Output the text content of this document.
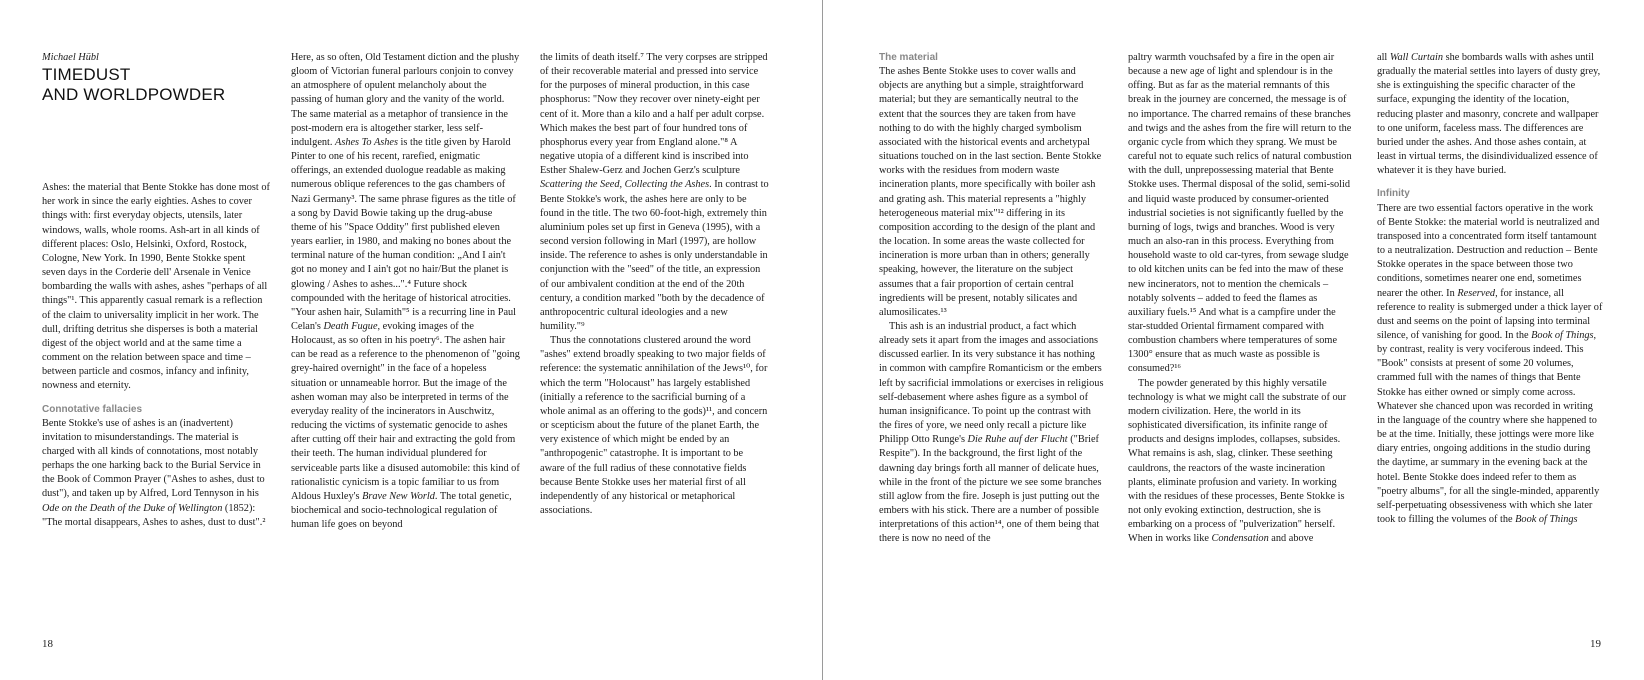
Michael Hübl

TIMEDUST

AND WORLDPOWDER

Ashes: the material that Bente Stokke has done most of her work in since the early eighties. Ashes to cover things with: first everyday objects, utensils, later windows, walls, whole rooms. Ash-art in all kinds of different places: Oslo, Helsinki, Oxford, Rostock, Cologne, New York. In 1990, Bente Stokke spent seven days in the Corderie dell' Arsenale in Venice bombarding the walls with ashes, ashes "perhaps of all things"¹. This apparently casual remark is a reflection of the claim to universality implicit in her work. The dull, drifting detritus she disperses is both a material digest of the object world and at the same time a comment on the relation between space and time – between particle and cosmos, infancy and infinity, nowness and eternity.

Connotative fallacies

Bente Stokke's use of ashes is an (inadvertent) invitation to misunderstandings. The material is charged with all kinds of connotations, most notably perhaps the one harking back to the Burial Service in the Book of Common Prayer ("Ashes to ashes, dust to dust"), and taken up by Alfred, Lord Tennyson in his Ode on the Death of the Duke of Wellington (1852): "The mortal disappears, Ashes to ashes, dust to dust".²

Here, as so often, Old Testament diction and the plushy gloom of Victorian funeral parlours conjoin to convey an atmosphere of opulent melancholy about the passing of human glory and the vanity of the world. The same material as a metaphor of transience in the post-modern era is altogether starker, less self-indulgent. Ashes To Ashes is the title given by Harold Pinter to one of his recent, rarefied, enigmatic offerings, an extended duologue readable as making numerous oblique references to the gas chambers of Nazi Germany³. The same phrase figures as the title of a song by David Bowie taking up the drug-abuse theme of his "Space Oddity" first published eleven years earlier, in 1980, and making no bones about the terminal nature of the human condition: „And I ain't got no money and I ain't got no hair/But the planet is glowing / Ashes to ashes...".⁴ Future shock compounded with the heritage of historical atrocities. "Your ashen hair, Sulamith"⁵ is a recurring line in Paul Celan's Death Fugue, evoking images of the Holocaust, as so often in his poetry⁶. The ashen hair can be read as a reference to the phenomenon of "going grey-haired overnight" in the face of a hopeless situation or unnameable horror. But the image of the ashen woman may also be interpreted in terms of the everyday reality of the incinerators in Auschwitz, reducing the victims of systematic genocide to ashes after cutting off their hair and extracting the gold from their teeth. The human individual plundered for serviceable parts like a disused automobile: this kind of rationalistic cynicism is a topic familiar to us from Aldous Huxley's Brave New World. The total genetic, biochemical and socio-technological regulation of human life goes on beyond

the limits of death itself.⁷ The very corpses are stripped of their recoverable material and pressed into service for the purposes of mineral production, in this case phosphorus: "Now they recover over ninety-eight per cent of it. More than a kilo and a half per adult corpse. Which makes the best part of four hundred tons of phosphorus every year from England alone."⁸ A negative utopia of a different kind is inscribed into Esther Shalew-Gerz and Jochen Gerz's sculpture Scattering the Seed, Collecting the Ashes. In contrast to Bente Stokke's work, the ashes here are only to be found in the title. The two 60-foot-high, extremely thin aluminium poles set up first in Geneva (1995), with a second version following in Marl (1997), are hollow inside. The reference to ashes is only understandable in conjunction with the "seed" of the title, an expression of our ambivalent condition at the end of the 20th century, a condition marked "both by the decadence of anthropocentric cultural ideologies and a new humility."⁹

Thus the connotations clustered around the word "ashes" extend broadly speaking to two major fields of reference: the systematic annihilation of the Jews¹⁰, for which the term "Holocaust" has largely established (initially a reference to the sacrificial burning of a whole animal as an offering to the gods)¹¹, and concern or scepticism about the future of the planet Earth, the very existence of which might be ended by an "anthropogenic" catastrophe. It is important to be aware of the full radius of these connotative fields because Bente Stokke uses her material first of all independently of any historical or metaphorical associations.

18

The material

The ashes Bente Stokke uses to cover walls and objects are anything but a simple, straightforward material; but they are semantically neutral to the extent that the sources they are taken from have nothing to do with the highly charged symbolism associated with the historical events and archetypal situations touched on in the last section. Bente Stokke works with the residues from modern waste incineration plants, more specifically with boiler ash and grating ash. This material represents a "highly heterogeneous material mix"¹² differing in its composition according to the design of the plant and the location. In some areas the waste collected for incineration is more urban than in others; generally speaking, however, the literature on the subject assumes that a fair proportion of certain central ingredients will be present, notably silicates and alumosilicates.¹³

This ash is an industrial product, a fact which already sets it apart from the images and associations discussed earlier. In its very substance it has nothing in common with campfire Romanticism or the embers left by sacrificial immolations or exercises in religious self-debasement where ashes figure as a symbol of human insignificance. To point up the contrast with the fires of yore, we need only recall a picture like Philipp Otto Runge's Die Ruhe auf der Flucht ("Brief Respite"). In the background, the first light of the dawning day brings forth all manner of delicate hues, while in the front of the picture we see some branches still aglow from the fire. Joseph is just putting out the embers with his stick. There are a number of possible interpretations of this action¹⁴, one of them being that there is now no need of the

paltry warmth vouchsafed by a fire in the open air because a new age of light and splendour is in the offing. But as far as the material remnants of this break in the journey are concerned, the message is of no importance. The charred remains of these branches and twigs and the ashes from the fire will return to the organic cycle from which they sprang. We must be careful not to equate such relics of natural combustion with the dull, unprepossessing material that Bente Stokke uses. Thermal disposal of the solid, semi-solid and liquid waste produced by consumer-oriented industrial societies is not significantly fuelled by the burning of logs, twigs and branches. Wood is very much an also-ran in this process. Everything from household waste to old car-tyres, from sewage sludge to old kitchen units can be fed into the maw of these new incinerators, not to mention the chemicals – notably solvents – added to feed the flames as auxiliary fuels.¹⁵ And what is a campfire under the star-studded Oriental firmament compared with combustion chambers where temperatures of some 1300° ensure that as much waste as possible is consumed?¹⁶

The powder generated by this highly versatile technology is what we might call the substrate of our modern civilization. Here, the world in its sophisticated diversification, its infinite range of products and designs implodes, collapses, subsides. What remains is ash, slag, clinker. These seething cauldrons, the reactors of the waste incineration plants, eliminate profusion and variety. In working with the residues of these processes, Bente Stokke is not only evoking extinction, destruction, she is embarking on a process of "pulverization" herself. When in works like Condensation and above

all Wall Curtain she bombards walls with ashes until gradually the material settles into layers of dusty grey, she is extinguishing the specific character of the surface, expunging the identity of the location, reducing plaster and masonry, concrete and wallpaper to one uniform, faceless mass. The differences are buried under the ashes. And those ashes contain, at least in virtual terms, the disindividualized essence of whatever it is they have buried.

Infinity

There are two essential factors operative in the work of Bente Stokke: the material world is neutralized and transposed into a concentrated form itself tantamount to a neutralization. Destruction and reduction – Bente Stokke operates in the space between those two conditions, sometimes nearer one end, sometimes nearer the other. In Reserved, for instance, all reference to reality is submerged under a thick layer of dust and seems on the point of lapsing into terminal silence, of vanishing for good. In the Book of Things, by contrast, reality is very vociferous indeed. This "Book" consists at present of some 20 volumes, crammed full with the names of things that Bente Stokke has either owned or simply come across. Whatever she chanced upon was recorded in writing in the language of the country where she happened to be at the time. Initially, these jottings were more like diary entries, ongoing additions in the studio during the daytime, ar summary in the evening back at the hotel. Bente Stokke does indeed refer to them as "poetry albums", for all the single-minded, apparently self-perpetuating obsessiveness with which she later took to filling the volumes of the Book of Things

19
